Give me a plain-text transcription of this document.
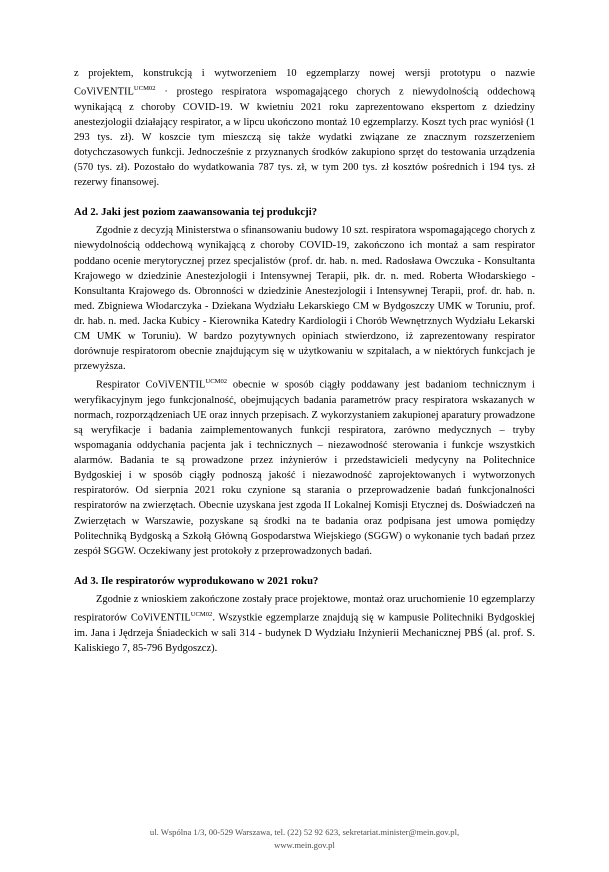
z projektem, konstrukcją i wytworzeniem 10 egzemplarzy nowej wersji prototypu o nazwie CoViVENTIL$^{UCM02}$ · prostego respiratora wspomagającego chorych z niewydolnością oddechową wynikającą z choroby COVID-19. W kwietniu 2021 roku zaprezentowano ekspertom z dziedziny anestezjologii działający respirator, a w lipcu ukończono montaż 10 egzemplarzy. Koszt tych prac wyniósł (1 293 tys. zł). W koszcie tym mieszczą się także wydatki związane ze znacznym rozszerzeniem dotychczasowych funkcji. Jednocześnie z przyznanych środków zakupiono sprzęt do testowania urządzenia (570 tys. zł). Pozostało do wydatkowania 787 tys. zł, w tym 200 tys. zł kosztów pośrednich i 194 tys. zł rezerwy finansowej.

Ad 2. Jaki jest poziom zaawansowania tej produkcji?

Zgodnie z decyzją Ministerstwa o sfinansowaniu budowy 10 szt. respiratora wspomagającego chorych z niewydolnością oddechową wynikającą z choroby COVID-19, zakończono ich montaż a sam respirator poddano ocenie merytorycznej przez specjalistów (prof. dr. hab. n. med. Radosława Owczuka - Konsultanta Krajowego w dziedzinie Anestezjologii i Intensywnej Terapii, płk. dr. n. med. Roberta Włodarskiego - Konsultanta Krajowego ds. Obronności w dziedzinie Anestezjologii i Intensywnej Terapii, prof. dr. hab. n. med. Zbigniewa Włodarczyka - Dziekana Wydziału Lekarskiego CM w Bydgoszczy UMK w Toruniu, prof. dr. hab. n. med. Jacka Kubicy - Kierownika Katedry Kardiologii i Chorób Wewnętrznych Wydziału Lekarski CM UMK w Toruniu). W bardzo pozytywnych opiniach stwierdzono, iż zaprezentowany respirator dorównuje respiratorom obecnie znajdującym się w użytkowaniu w szpitalach, a w niektórych funkcjach je przewyższa.

Respirator CoViVENTIL$^{UCM02}$ obecnie w sposób ciągły poddawany jest badaniom technicznym i weryfikacyjnym jego funkcjonalność, obejmujących badania parametrów pracy respiratora wskazanych w normach, rozporządzeniach UE oraz innych przepisach. Z wykorzystaniem zakupionej aparatury prowadzone są weryfikacje i badania zaimplementowanych funkcji respiratora, zarówno medycznych – tryby wspomagania oddychania pacjenta jak i technicznych – niezawodność sterowania i funkcje wszystkich alarmów. Badania te są prowadzone przez inżynierów i przedstawicieli medycyny na Politechnice Bydgoskiej i w sposób ciągły podnoszą jakość i niezawodność zaprojektowanych i wytworzonych respiratorów. Od sierpnia 2021 roku czynione są starania o przeprowadzenie badań funkcjonalności respiratorów na zwierzętach. Obecnie uzyskana jest zgoda II Lokalnej Komisji Etycznej ds. Doświadczeń na Zwierzętach w Warszawie, pozyskane są środki na te badania oraz podpisana jest umowa pomiędzy Politechniką Bydgoską a Szkołą Główną Gospodarstwa Wiejskiego (SGGW) o wykonanie tych badań przez zespół SGGW. Oczekiwany jest protokoły z przeprowadzonych badań.

Ad 3. Ile respiratorów wyprodukowano w 2021 roku?

Zgodnie z wnioskiem zakończone zostały prace projektowe, montaż oraz uruchomienie 10 egzemplarzy respiratorów CoViVENTIL$^{UCM02}$. Wszystkie egzemplarze znajdują się w kampusie Politechniki Bydgoskiej im. Jana i Jędrzeja Śniadeckich w sali 314 - budynek D Wydziału Inżynierii Mechanicznej PBŚ (al. prof. S. Kaliskiego 7, 85-796 Bydgoszcz).

ul. Wspólna 1/3, 00-529 Warszawa, tel. (22) 52 92 623, sekretariat.minister@mein.gov.pl,
www.mein.gov.pl
